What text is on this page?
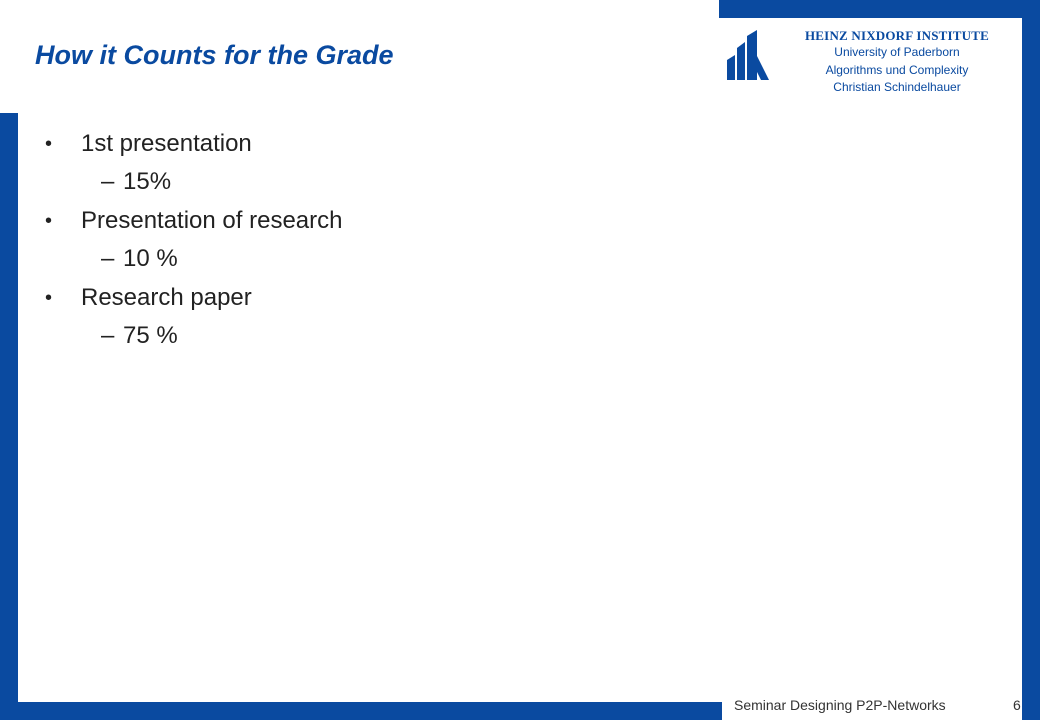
How it Counts for the Grade
HEINZ NIXDORF INSTITUTE
University of Paderborn
Algorithms und Complexity
Christian Schindelhauer
• 1st presentation
– 15%
• Presentation of research
– 10 %
• Research paper
– 75 %
Seminar Designing P2P-Networks	6
